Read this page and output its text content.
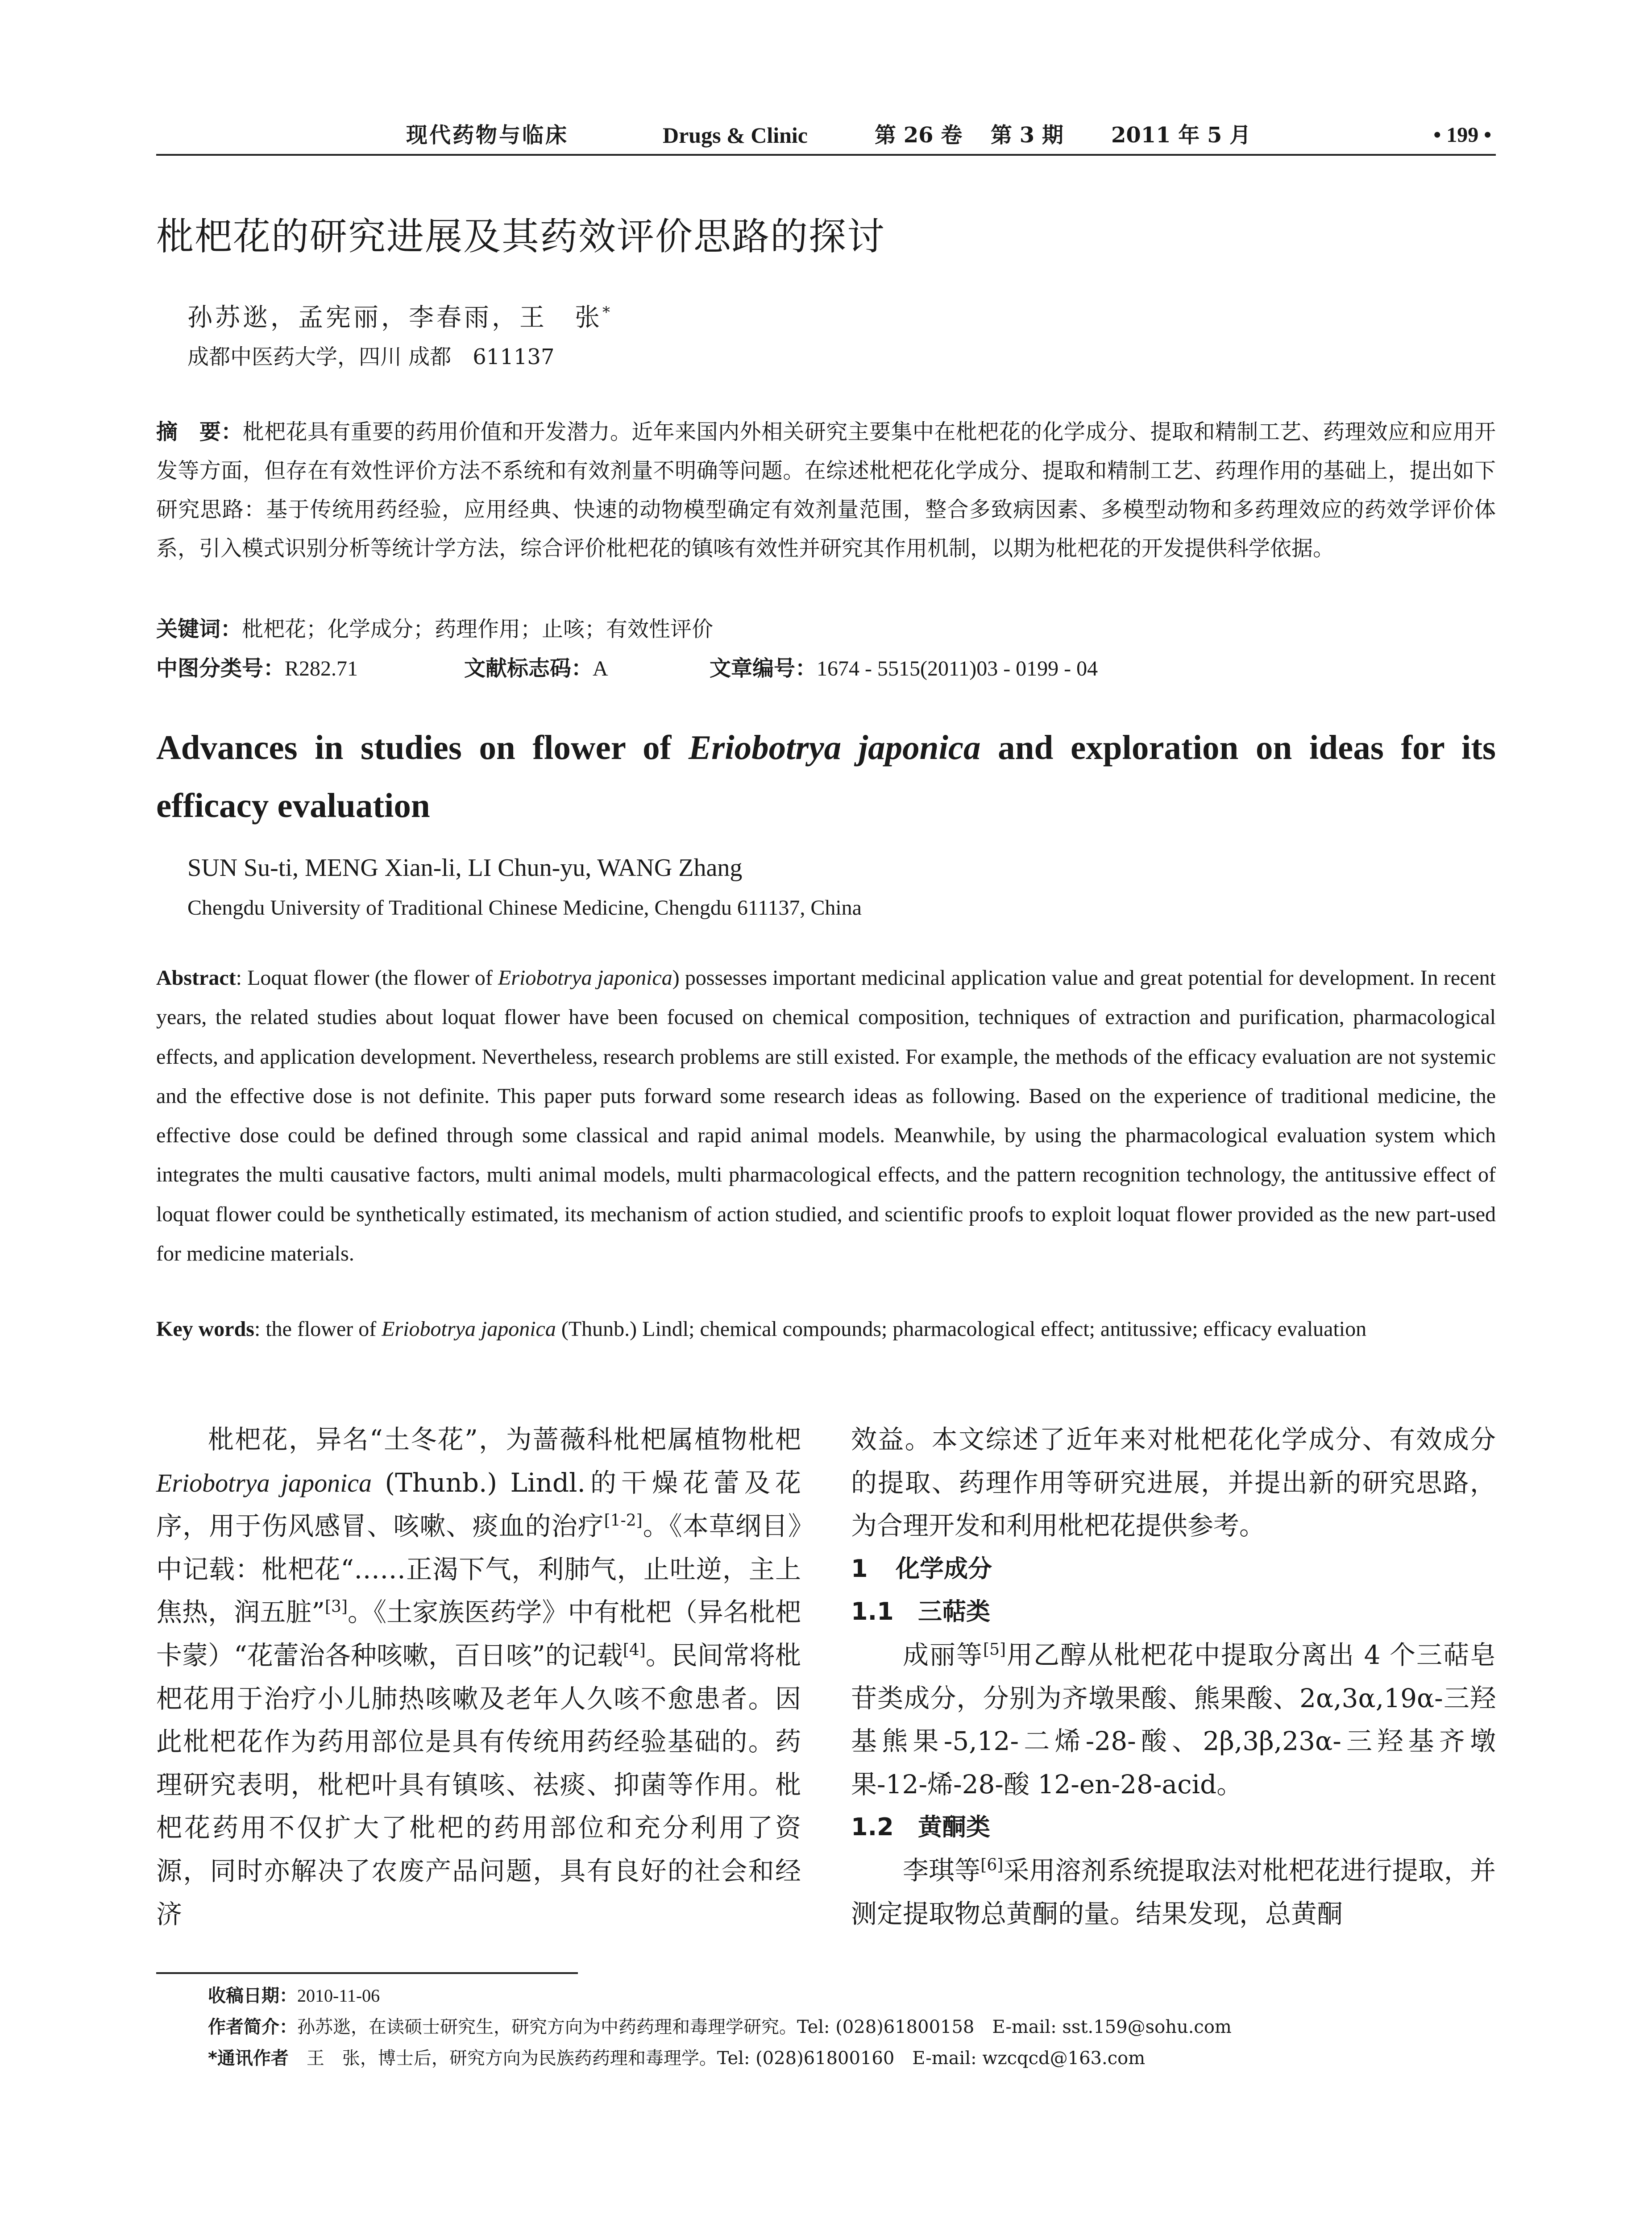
现代药物与临床	Drugs & Clinic	第 26 卷 第 3 期 2011 年 5 月	• 199 •
枇杷花的研究进展及其药效评价思路的探讨
孙苏逖，孟宪丽，李春雨，王　张*
成都中医药大学，四川 成都　611137
摘　要：枇杷花具有重要的药用价值和开发潜力。近年来国内外相关研究主要集中在枇杷花的化学成分、提取和精制工艺、药理效应和应用开发等方面，但存在有效性评价方法不系统和有效剂量不明确等问题。在综述枇杷花化学成分、提取和精制工艺、药理作用的基础上，提出如下研究思路：基于传统用药经验，应用经典、快速的动物模型确定有效剂量范围，整合多致病因素、多模型动物和多药理效应的药效学评价体系，引入模式识别分析等统计学方法，综合评价枇杷花的镇咳有效性并研究其作用机制，以期为枇杷花的开发提供科学依据。
关键词：枇杷花；化学成分；药理作用；止咳；有效性评价
中图分类号：R282.71	文献标志码：A	文章编号：1674 - 5515(2011)03 - 0199 - 04
Advances in studies on flower of Eriobotrya japonica and exploration on ideas for its efficacy evaluation
SUN Su-ti, MENG Xian-li, LI Chun-yu, WANG Zhang
Chengdu University of Traditional Chinese Medicine, Chengdu 611137, China
Abstract: Loquat flower (the flower of Eriobotrya japonica) possesses important medicinal application value and great potential for development. In recent years, the related studies about loquat flower have been focused on chemical composition, techniques of extraction and purification, pharmacological effects, and application development. Nevertheless, research problems are still existed. For example, the methods of the efficacy evaluation are not systemic and the effective dose is not definite. This paper puts forward some research ideas as following. Based on the experience of traditional medicine, the effective dose could be defined through some classical and rapid animal models. Meanwhile, by using the pharmacological evaluation system which integrates the multi causative factors, multi animal models, multi pharmacological effects, and the pattern recognition technology, the antitussive effect of loquat flower could be synthetically estimated, its mechanism of action studied, and scientific proofs to exploit loquat flower provided as the new part-used for medicine materials.
Key words: the flower of Eriobotrya japonica (Thunb.) Lindl; chemical compounds; pharmacological effect; antitussive; efficacy evaluation

枇杷花，异名“土冬花”，为蔷薇科枇杷属植物枇杷 Eriobotrya japonica (Thunb.) Lindl.的干燥花蕾及花序，用于伤风感冒、咳嗽、痰血的治疗[1-2]。《本草纲目》中记载：枇杷花“……正渴下气，利肺气，止吐逆，主上焦热，润五脏”[3]。《土家族医药学》中有枇杷（异名枇杷卡蒙）“花蕾治各种咳嗽，百日咳”的记载[4]。民间常将枇杷花用于治疗小儿肺热咳嗽及老年人久咳不愈患者。因此枇杷花作为药用部位是具有传统用药经验基础的。药理研究表明，枇杷叶具有镇咳、祛痰、抑菌等作用。枇杷花药用不仅扩大了枇杷的药用部位和充分利用了资源，同时亦解决了农废产品问题，具有良好的社会和经济

效益。本文综述了近年来对枇杷花化学成分、有效成分的提取、药理作用等研究进展，并提出新的研究思路，为合理开发和利用枇杷花提供参考。

1 化学成分

1.1 三萜类

成丽等[5]用乙醇从枇杷花中提取分离出 4 个三萜皂苷类成分，分别为齐墩果酸、熊果酸、2α,3α,19α-三羟基熊果-5,12-二烯-28-酸、2β,3β,23α-三羟基齐墩果-12-烯-28-酸 12-en-28-acid。

1.2 黄酮类

李琪等[6]采用溶剂系统提取法对枇杷花进行提取，并测定提取物总黄酮的量。结果发现，总黄酮

收稿日期：2010-11-06
作者简介：孙苏逖，在读硕士研究生，研究方向为中药药理和毒理学研究。Tel: (028)61800158　E-mail: sst.159@sohu.com
*通讯作者　王　张，博士后，研究方向为民族药药理和毒理学。Tel: (028)61800160　E-mail: wzcqcd@163.com
